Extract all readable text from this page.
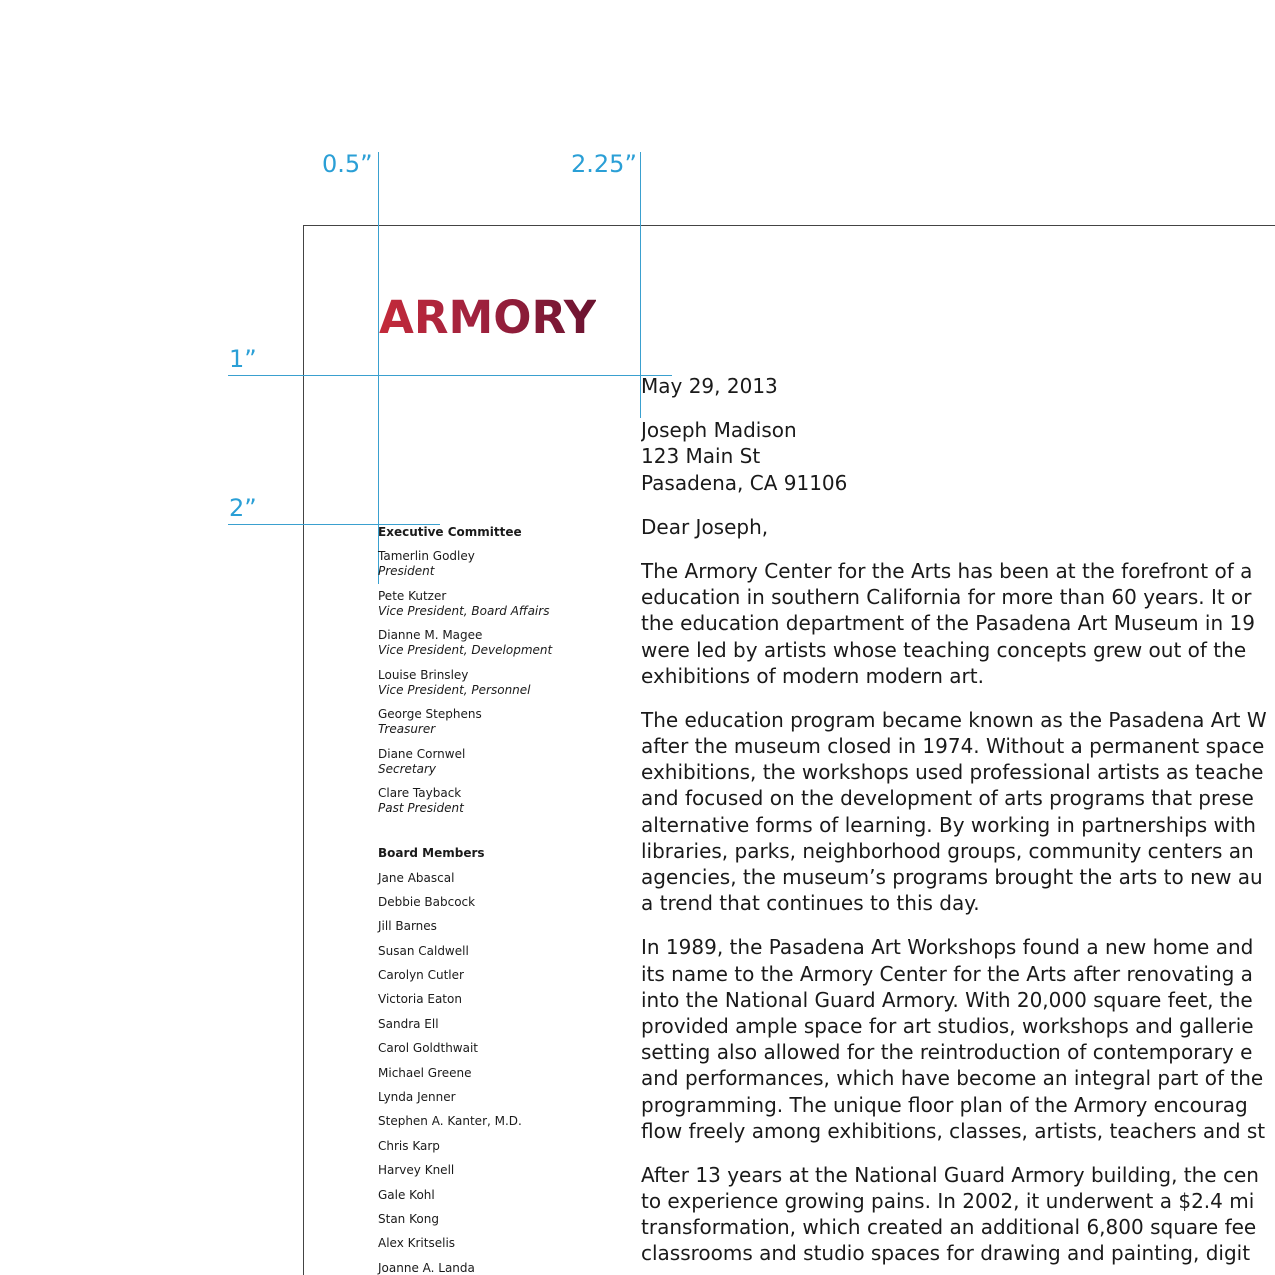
0.5”	2.25”
1”
2”
ARMORY
Executive Committee
Tamerlin Godley
President
Pete Kutzer
Vice President, Board Affairs
Dianne M. Magee
Vice President, Development
Louise Brinsley
Vice President, Personnel
George Stephens
Treasurer
Diane Cornwel
Secretary
Clare Tayback
Past President
Board Members
Jane Abascal
Debbie Babcock
Jill Barnes
Susan Caldwell
Carolyn Cutler
Victoria Eaton
Sandra Ell
Carol Goldthwait
Michael Greene
Lynda Jenner
Stephen A. Kanter, M.D.
Chris Karp
Harvey Knell
Gale Kohl
Stan Kong
Alex Kritselis
Joanne A. Landa
May 29, 2013
Joseph Madison
123 Main St
Pasadena, CA 91106
Dear Joseph,
The Armory Center for the Arts has been at the forefront of a
education in southern California for more than 60 years. It or
the education department of the Pasadena Art Museum in 19
were led by artists whose teaching concepts grew out of the
exhibitions of modern modern art.
The education program became known as the Pasadena Art W
after the museum closed in 1974. Without a permanent space
exhibitions, the workshops used professional artists as teache
and focused on the development of arts programs that prese
alternative forms of learning. By working in partnerships with
libraries, parks, neighborhood groups, community centers an
agencies, the museum’s programs brought the arts to new au
a trend that continues to this day.
In 1989, the Pasadena Art Workshops found a new home and
its name to the Armory Center for the Arts after renovating a
into the National Guard Armory. With 20,000 square feet, the
provided ample space for art studios, workshops and gallerie
setting also allowed for the reintroduction of contemporary e
and performances, which have become an integral part of the
programming. The unique floor plan of the Armory encourag
flow freely among exhibitions, classes, artists, teachers and st
After 13 years at the National Guard Armory building, the cen
to experience growing pains. In 2002, it underwent a $2.4 mi
transformation, which created an additional 6,800 square fee
classrooms and studio spaces for drawing and painting, digit
